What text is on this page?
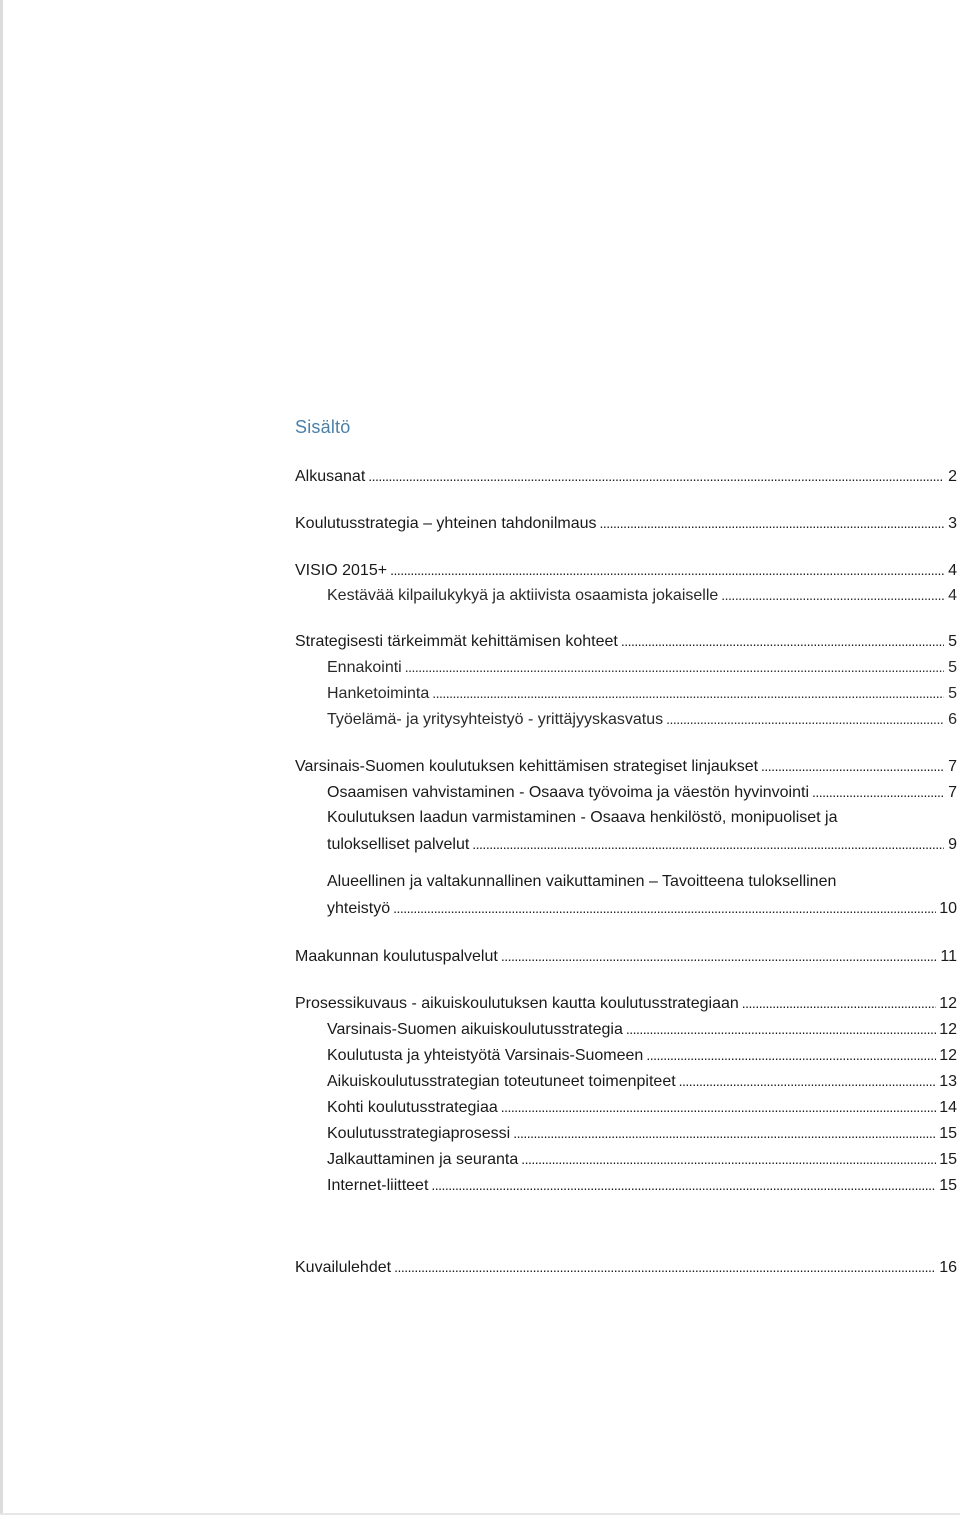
Sisältö
Alkusanat . . .	2
Koulutusstrategia – yhteinen tahdonilmaus . . .	3
VISIO 2015+ . . .	4
Kestävää kilpailukykyä ja aktiivista osaamista jokaiselle . . .	4
Strategisesti tärkeimmät kehittämisen kohteet . . .	5
Ennakointi . . .	5
Hanketoiminta . . .	5
Työelämä- ja yritysyhteistyö - yrittäjyyskasvatus . . .	6
Varsinais-Suomen koulutuksen kehittämisen strategiset linjaukset . . .	7
Osaamisen vahvistaminen - Osaava työvoima ja väestön hyvinvointi . . .	7
Koulutuksen laadun varmistaminen - Osaava henkilöstö, monipuoliset ja
tulokselliset palvelut . . .	9
Alueellinen ja valtakunnallinen vaikuttaminen – Tavoitteena tuloksellinen
yhteistyö . . .	10
Maakunnan koulutuspalvelut . . .	11
Prosessikuvaus - aikuiskoulutuksen kautta koulutusstrategiaan . . .	12
Varsinais-Suomen aikuiskoulutusstrategia . . .	12
Koulutusta ja yhteistyötä Varsinais-Suomeen . . .	12
Aikuiskoulutusstrategian toteutuneet toimenpiteet . . .	13
Kohti koulutusstrategiaa . . .	14
Koulutusstrategiaprosessi . . .	15
Jalkauttaminen ja seuranta . . .	15
Internet-liitteet . . .	15
Kuvailulehdet . . .	16
